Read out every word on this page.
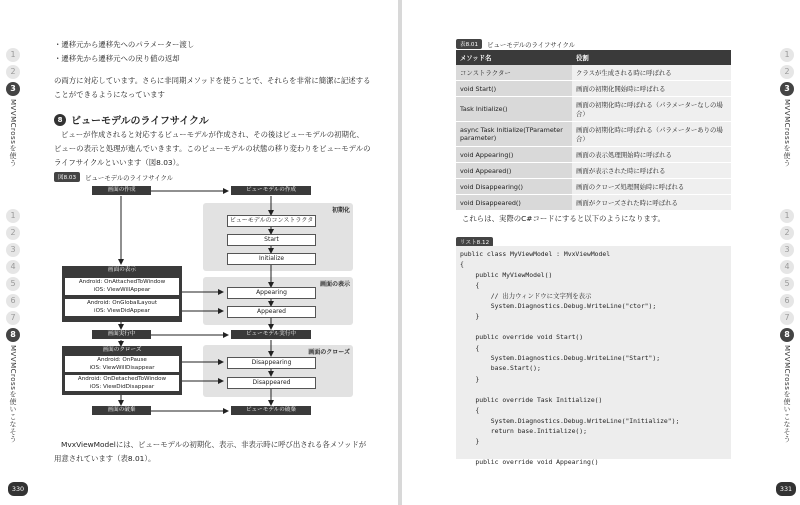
1
2
3
MVVMCrossを使う
1
2
3
4
5
6
7
8
MVVMCrossを使いこなそう
・ 遷移元から遷移先へのパラメーター渡し
・ 遷移先から遷移元への戻り値の返却
の両方に対応しています。さらに非同期メソッドを使うことで、それらを非常に簡潔に記述する
ことができるようになっています
8 ビューモデルのライフサイクル
ビューが作成されると対応するビューモデルが作成され、その後はビューモデルの初期化、
ビューの表示と処理が進んでいきます。このビューモデルの状態の移り変わりをビューモデルの
ライフサイクルといいます（図8.03）。
図8.03	ビューモデルのライフサイクル
画面の作成	ビューモデルの作成
初期化
ビューモデルのコンストラクター
Start
Initialize
画面の表示
Android: OnAttachedToWindow
iOS: ViewWillAppear
Android: OnGlobalLayout
iOS: ViewDidAppear
画面の表示
Appearing
Appeared
画面実行中	ビューモデル実行中
画面のクローズ
Android: OnPause
iOS: ViewWillDisappear
Android: OnDetachedToWindow
iOS: ViewDidDisappear
画面のクローズ
Disappearing
Disappeared
画面の破棄	ビューモデルの破棄
MvxViewModelには、ビューモデルの初期化、表示、非表示時に呼び出される各メソッドが
用意されています（表8.01）。
330
1
2
3
MVVMCrossを使う
1
2
3
4
5
6
7
8
MVVMCrossを使いこなそう
表8.01	ビューモデルのライフサイクル
メソッド名	役割
コンストラクター	クラスが生成される時に呼ばれる
void Start()	画面の初期化開始時に呼ばれる
Task Initialize()	画面の初期化時に呼ばれる（パラメーターなしの場合）
async Task Initialize(TParameter parameter)	画面の初期化時に呼ばれる（パラメーターありの場合）
void Appearing()	画面の表示処理開始時に呼ばれる
void Appeared()	画面が表示された時に呼ばれる
void Disappearing()	画面のクローズ処理開始時に呼ばれる
void Disappeared()	画面がクローズされた時に呼ばれる
これらは、実際のC#コードにすると以下のようになります。
リスト8.12
public class MyViewModel : MvxViewModel
{
public MyViewModel()
{
// 出力ウィンドウに文字列を表示
System.Diagnostics.Debug.WriteLine("ctor");
}

public override void Start()
{
System.Diagnostics.Debug.WriteLine("Start");
base.Start();
}

public override Task Initialize()
{
System.Diagnostics.Debug.WriteLine("Initialize");
return base.Initialize();
}

public override void Appearing()
331
